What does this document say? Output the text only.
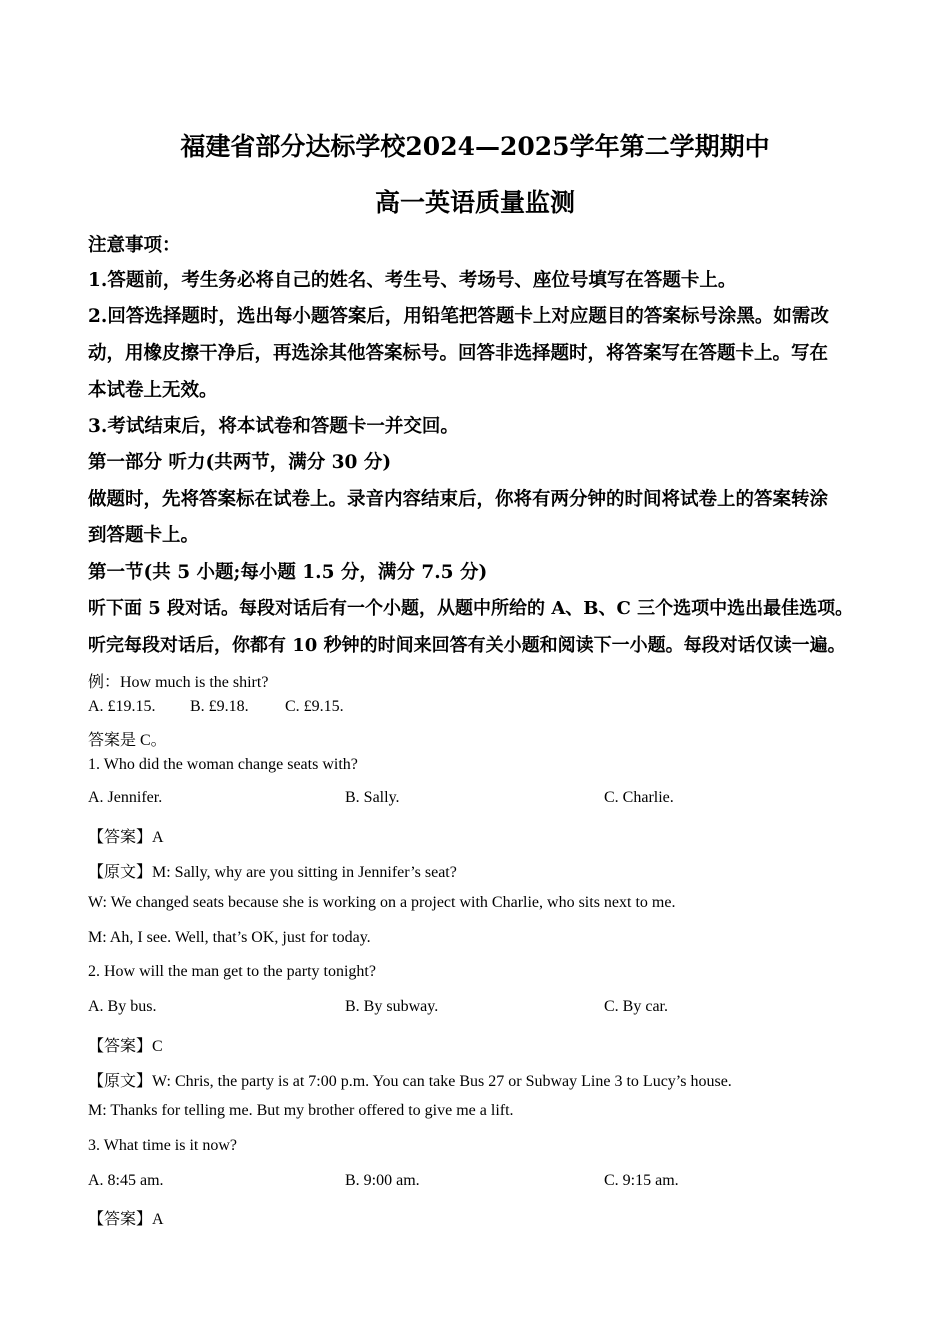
福建省部分达标学校2024—2025学年第二学期期中
高一英语质量监测
注意事项：
1.答题前，考生务必将自己的姓名、考生号、考场号、座位号填写在答题卡上。
2.回答选择题时，选出每小题答案后，用铅笔把答题卡上对应题目的答案标号涂黑。如需改
动，用橡皮擦干净后，再选涂其他答案标号。回答非选择题时，将答案写在答题卡上。写在
本试卷上无效。
3.考试结束后，将本试卷和答题卡一并交回。
第一部分 听力(共两节，满分 30 分)
做题时，先将答案标在试卷上。录音内容结束后，你将有两分钟的时间将试卷上的答案转涂
到答题卡上。
第一节(共 5 小题;每小题 1.5 分，满分 7.5 分)
听下面 5 段对话。每段对话后有一个小题，从题中所给的 A、B、C 三个选项中选出最佳选项。
听完每段对话后，你都有 10 秒钟的时间来回答有关小题和阅读下一小题。每段对话仅读一遍。
例：How much is the shirt?
A. £19.15. B. £9.18. C. £9.15.
答案是 C。
1. Who did the woman change seats with?
A. Jennifer.	B. Sally.	C. Charlie.
【答案】A
【原文】M: Sally, why are you sitting in Jennifer’s seat?
W: We changed seats because she is working on a project with Charlie, who sits next to me.
M: Ah, I see. Well, that’s OK, just for today.
2. How will the man get to the party tonight?
A. By bus.	B. By subway.	C. By car.
【答案】C
【原文】W: Chris, the party is at 7:00 p.m. You can take Bus 27 or Subway Line 3 to Lucy’s house.
M: Thanks for telling me. But my brother offered to give me a lift.
3. What time is it now?
A. 8:45 am.	B. 9:00 am.	C. 9:15 am.
【答案】A
